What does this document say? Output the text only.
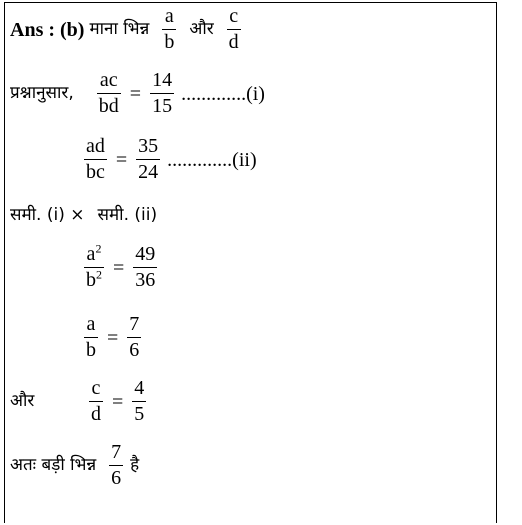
Ans : (b) माना भिन्न $\frac{a}{b}$ और $\frac{c}{d}$
प्रश्नानुसार, $\frac{ac}{bd} = \frac{14}{15} .............(i)$
$\frac{ad}{bc} = \frac{35}{24} .............(ii)$
समी. (i) × समी. (ii)
$\frac{a^2}{b^2} = \frac{49}{36}$
$\frac{a}{b} = \frac{7}{6}$
और	$\frac{c}{d} = \frac{4}{5}$
अतः बड़ी भिन्न $\frac{7}{6}$ है
